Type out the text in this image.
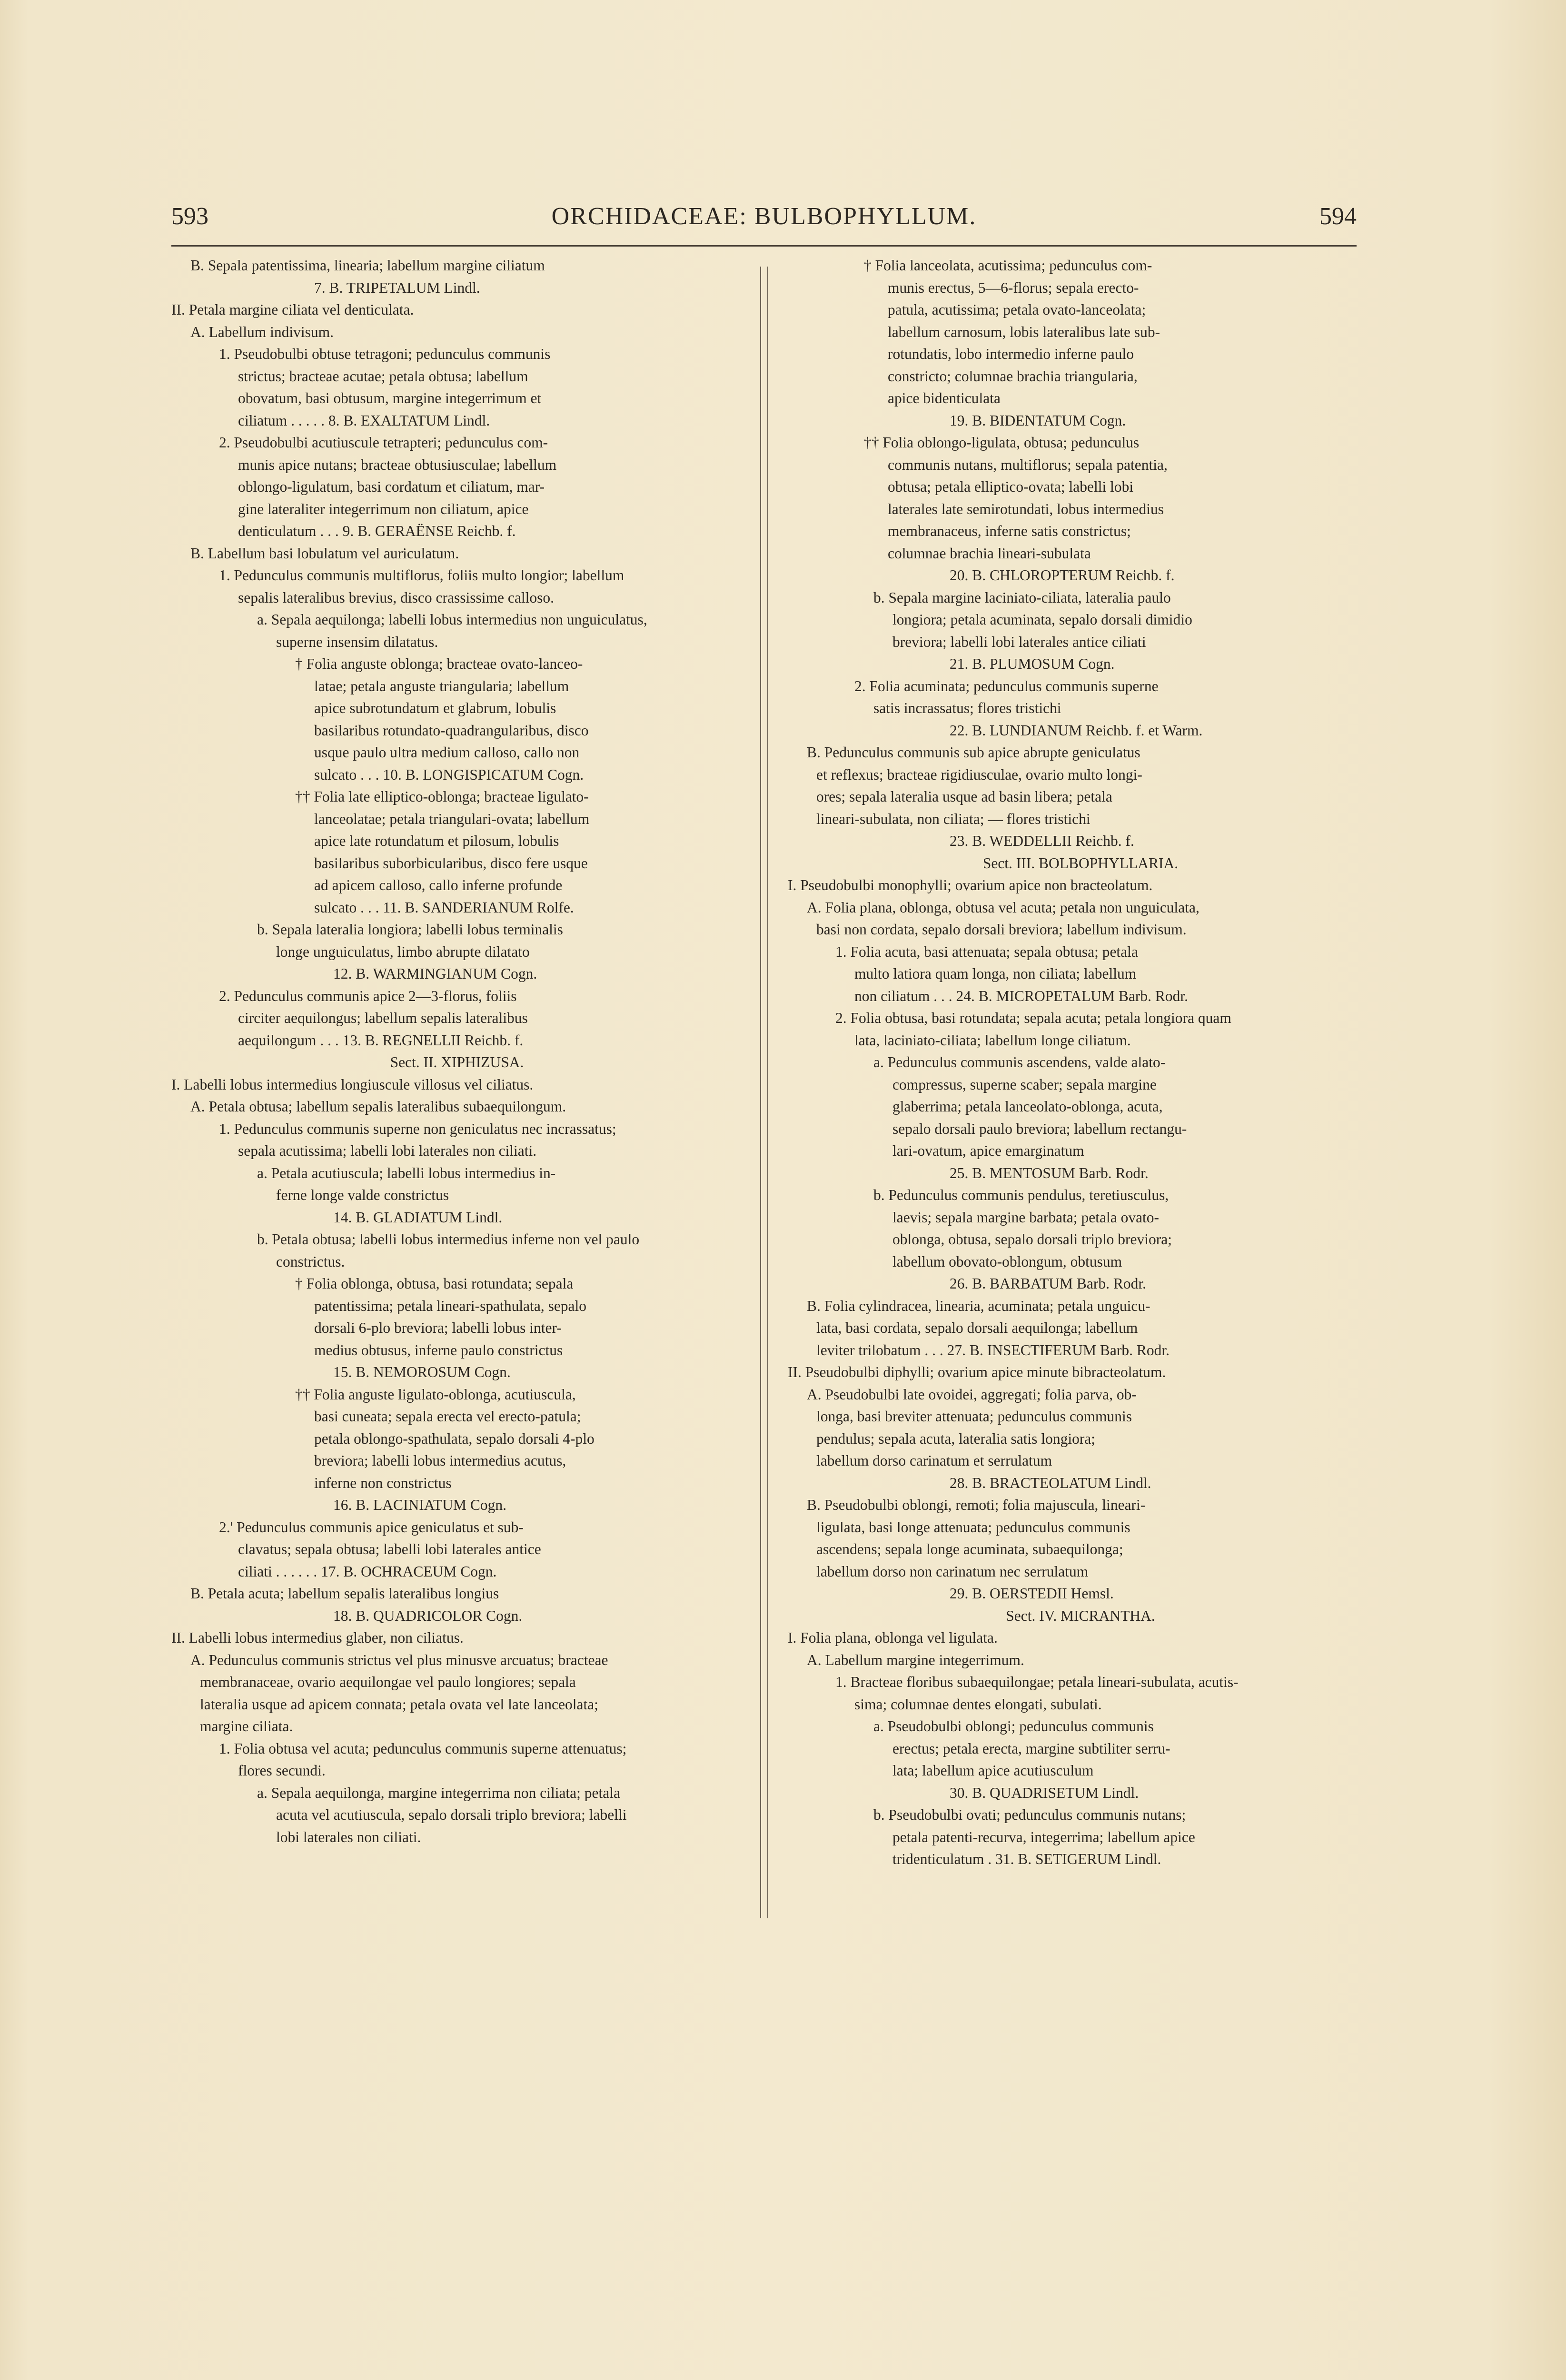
593	ORCHIDACEAE: BULBOPHYLLUM.	594
B. Sepala patentissima, linearia; labellum margine ciliatum
7. B. TRIPETALUM Lindl.
II. Petala margine ciliata vel denticulata.
A. Labellum indivisum.
1. Pseudobulbi obtuse tetragoni; pedunculus communis
strictus; bracteae acutae; petala obtusa; labellum
obovatum, basi obtusum, margine integerrimum et
ciliatum . . . . . 8. B. EXALTATUM Lindl.
2. Pseudobulbi acutiuscule tetrapteri; pedunculus com-
munis apice nutans; bracteae obtusiusculae; labellum
oblongo-ligulatum, basi cordatum et ciliatum, mar-
gine lateraliter integerrimum non ciliatum, apice
denticulatum . . . 9. B. GERAËNSE Reichb. f.
B. Labellum basi lobulatum vel auriculatum.
1. Pedunculus communis multiflorus, foliis multo longior; labellum
sepalis lateralibus brevius, disco crassissime calloso.
a. Sepala aequilonga; labelli lobus intermedius non unguiculatus,
superne insensim dilatatus.
† Folia anguste oblonga; bracteae ovato-lanceo-
latae; petala anguste triangularia; labellum
apice subrotundatum et glabrum, lobulis
basilaribus rotundato-quadrangularibus, disco
usque paulo ultra medium calloso, callo non
sulcato . . . 10. B. LONGISPICATUM Cogn.
†† Folia late elliptico-oblonga; bracteae ligulato-
lanceolatae; petala triangulari-ovata; labellum
apice late rotundatum et pilosum, lobulis
basilaribus suborbicularibus, disco fere usque
ad apicem calloso, callo inferne profunde
sulcato . . . 11. B. SANDERIANUM Rolfe.
b. Sepala lateralia longiora; labelli lobus terminalis
longe unguiculatus, limbo abrupte dilatato
12. B. WARMINGIANUM Cogn.
2. Pedunculus communis apice 2—3-florus, foliis
circiter aequilongus; labellum sepalis lateralibus
aequilongum . . . 13. B. REGNELLII Reichb. f.
Sect. II. XIPHIZUSA.
I. Labelli lobus intermedius longiuscule villosus vel ciliatus.
A. Petala obtusa; labellum sepalis lateralibus subaequilongum.
1. Pedunculus communis superne non geniculatus nec incrassatus;
sepala acutissima; labelli lobi laterales non ciliati.
a. Petala acutiuscula; labelli lobus intermedius in-
ferne longe valde constrictus
14. B. GLADIATUM Lindl.
b. Petala obtusa; labelli lobus intermedius inferne non vel paulo
constrictus.
† Folia oblonga, obtusa, basi rotundata; sepala
patentissima; petala lineari-spathulata, sepalo
dorsali 6-plo breviora; labelli lobus inter-
medius obtusus, inferne paulo constrictus
15. B. NEMOROSUM Cogn.
†† Folia anguste ligulato-oblonga, acutiuscula,
basi cuneata; sepala erecta vel erecto-patula;
petala oblongo-spathulata, sepalo dorsali 4-plo
breviora; labelli lobus intermedius acutus,
inferne non constrictus
16. B. LACINIATUM Cogn.
2.' Pedunculus communis apice geniculatus et sub-
clavatus; sepala obtusa; labelli lobi laterales antice
ciliati . . . . . . 17. B. OCHRACEUM Cogn.
B. Petala acuta; labellum sepalis lateralibus longius
18. B. QUADRICOLOR Cogn.
II. Labelli lobus intermedius glaber, non ciliatus.
A. Pedunculus communis strictus vel plus minusve arcuatus; bracteae
membranaceae, ovario aequilongae vel paulo longiores; sepala
lateralia usque ad apicem connata; petala ovata vel late lanceolata;
margine ciliata.
1. Folia obtusa vel acuta; pedunculus communis superne attenuatus;
flores secundi.
a. Sepala aequilonga, margine integerrima non ciliata; petala
acuta vel acutiuscula, sepalo dorsali triplo breviora; labelli
lobi laterales non ciliati.
† Folia lanceolata, acutissima; pedunculus com-
munis erectus, 5—6-florus; sepala erecto-
patula, acutissima; petala ovato-lanceolata;
labellum carnosum, lobis lateralibus late sub-
rotundatis, lobo intermedio inferne paulo
constricto; columnae brachia triangularia,
apice bidenticulata
19. B. BIDENTATUM Cogn.
†† Folia oblongo-ligulata, obtusa; pedunculus
communis nutans, multiflorus; sepala patentia,
obtusa; petala elliptico-ovata; labelli lobi
laterales late semirotundati, lobus intermedius
membranaceus, inferne satis constrictus;
columnae brachia lineari-subulata
20. B. CHLOROPTERUM Reichb. f.
b. Sepala margine laciniato-ciliata, lateralia paulo
longiora; petala acuminata, sepalo dorsali dimidio
breviora; labelli lobi laterales antice ciliati
21. B. PLUMOSUM Cogn.
2. Folia acuminata; pedunculus communis superne
satis incrassatus; flores tristichi
22. B. LUNDIANUM Reichb. f. et Warm.
B. Pedunculus communis sub apice abrupte geniculatus
et reflexus; bracteae rigidiusculae, ovario multo longi-
ores; sepala lateralia usque ad basin libera; petala
lineari-subulata, non ciliata; — flores tristichi
23. B. WEDDELLII Reichb. f.
Sect. III. BOLBOPHYLLARIA.
I. Pseudobulbi monophylli; ovarium apice non bracteolatum.
A. Folia plana, oblonga, obtusa vel acuta; petala non unguiculata,
basi non cordata, sepalo dorsali breviora; labellum indivisum.
1. Folia acuta, basi attenuata; sepala obtusa; petala
multo latiora quam longa, non ciliata; labellum
non ciliatum . . . 24. B. MICROPETALUM Barb. Rodr.
2. Folia obtusa, basi rotundata; sepala acuta; petala longiora quam
lata, laciniato-ciliata; labellum longe ciliatum.
a. Pedunculus communis ascendens, valde alato-
compressus, superne scaber; sepala margine
glaberrima; petala lanceolato-oblonga, acuta,
sepalo dorsali paulo breviora; labellum rectangu-
lari-ovatum, apice emarginatum
25. B. MENTOSUM Barb. Rodr.
b. Pedunculus communis pendulus, teretiusculus,
laevis; sepala margine barbata; petala ovato-
oblonga, obtusa, sepalo dorsali triplo breviora;
labellum obovato-oblongum, obtusum
26. B. BARBATUM Barb. Rodr.
B. Folia cylindracea, linearia, acuminata; petala unguicu-
lata, basi cordata, sepalo dorsali aequilonga; labellum
leviter trilobatum . . . 27. B. INSECTIFERUM Barb. Rodr.
II. Pseudobulbi diphylli; ovarium apice minute bibracteolatum.
A. Pseudobulbi late ovoidei, aggregati; folia parva, ob-
longa, basi breviter attenuata; pedunculus communis
pendulus; sepala acuta, lateralia satis longiora;
labellum dorso carinatum et serrulatum
28. B. BRACTEOLATUM Lindl.
B. Pseudobulbi oblongi, remoti; folia majuscula, lineari-
ligulata, basi longe attenuata; pedunculus communis
ascendens; sepala longe acuminata, subaequilonga;
labellum dorso non carinatum nec serrulatum
29. B. OERSTEDII Hemsl.
Sect. IV. MICRANTHA.
I. Folia plana, oblonga vel ligulata.
A. Labellum margine integerrimum.
1. Bracteae floribus subaequilongae; petala lineari-subulata, acutis-
sima; columnae dentes elongati, subulati.
a. Pseudobulbi oblongi; pedunculus communis
erectus; petala erecta, margine subtiliter serru-
lata; labellum apice acutiusculum
30. B. QUADRISETUM Lindl.
b. Pseudobulbi ovati; pedunculus communis nutans;
petala patenti-recurva, integerrima; labellum apice
tridenticulatum . 31. B. SETIGERUM Lindl.
